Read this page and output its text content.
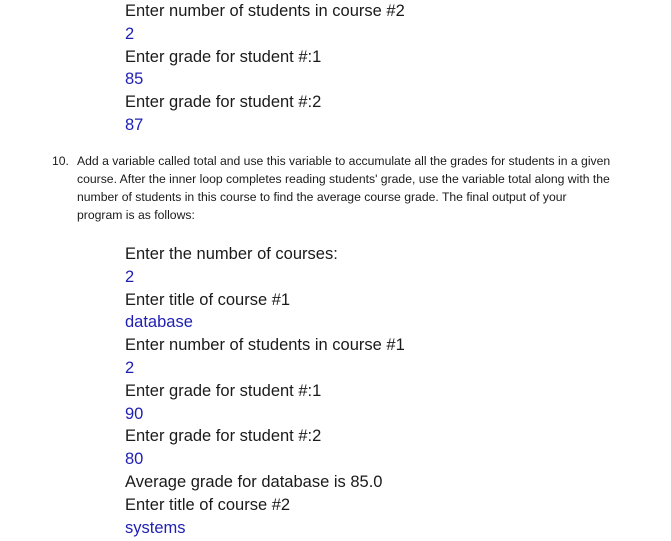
Enter number of students in course #2
2
Enter grade for student #:1
85
Enter grade for student #:2
87
10. Add a variable called total and use this variable to accumulate all the grades for students in a given course. After the inner loop completes reading students' grade, use the variable total along with the number of students in this course to find the average course grade. The final output of your program is as follows:
Enter the number of courses:
2
Enter title of course #1
database
Enter number of students in course #1
2
Enter grade for student #:1
90
Enter grade for student #:2
80
Average grade for database is 85.0
Enter title of course #2
systems
